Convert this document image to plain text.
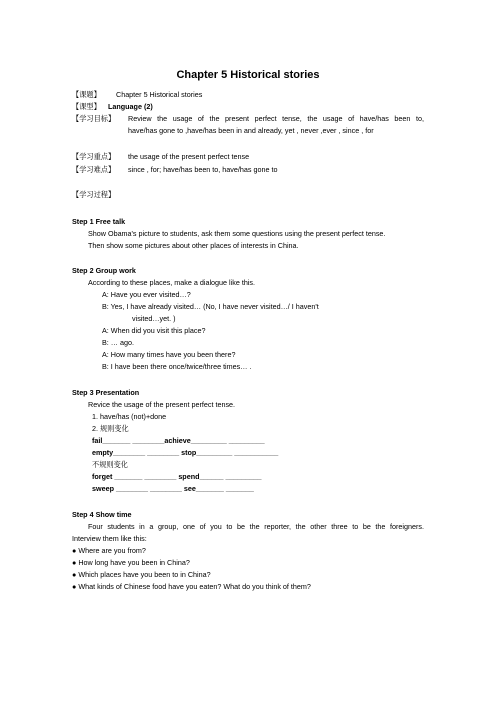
Chapter 5 Historical stories
【课题】 Chapter 5 Historical stories
【课型】 Language (2)
【学习目标】 Review the usage of the present perfect tense, the usage of have/has been to,
have/has gone to ,have/has been in and already, yet , never ,ever , since , for
【学习重点】 the usage of the present perfect tense
【学习难点】 since , for; have/has been to, have/has gone to
【学习过程】
Step 1 Free talk
Show Obama's picture to students, ask them some questions using the present perfect tense.
Then show some pictures about other places of interests in China.
Step 2 Group work
According to these places, make a dialogue like this.
A: Have you ever visited…?
B: Yes, I have already visited… (No, I have never visited…/ I haven't
visited…yet. )
A: When did you visit this place?
B: … ago.
A: How many times have you been there?
B: I have been there once/twice/three times… .
Step 3 Presentation
Revice the usage of the present perfect tense.
1. have/has (not)+done
2. 规则变化
fail_______ ________achieve_________ _________
empty________ ________ stop_________ ___________
不规则变化
forget _______ ________ spend______ _________
sweep ________ ________ see_______ _______
Step 4 Show time
Four students in a group, one of you to be the reporter, the other three to be the foreigners.
Interview them like this:
● Where are you from?
● How long have you been in China?
● Which places have you been to in China?
● What kinds of Chinese food have you eaten? What do you think of them?
